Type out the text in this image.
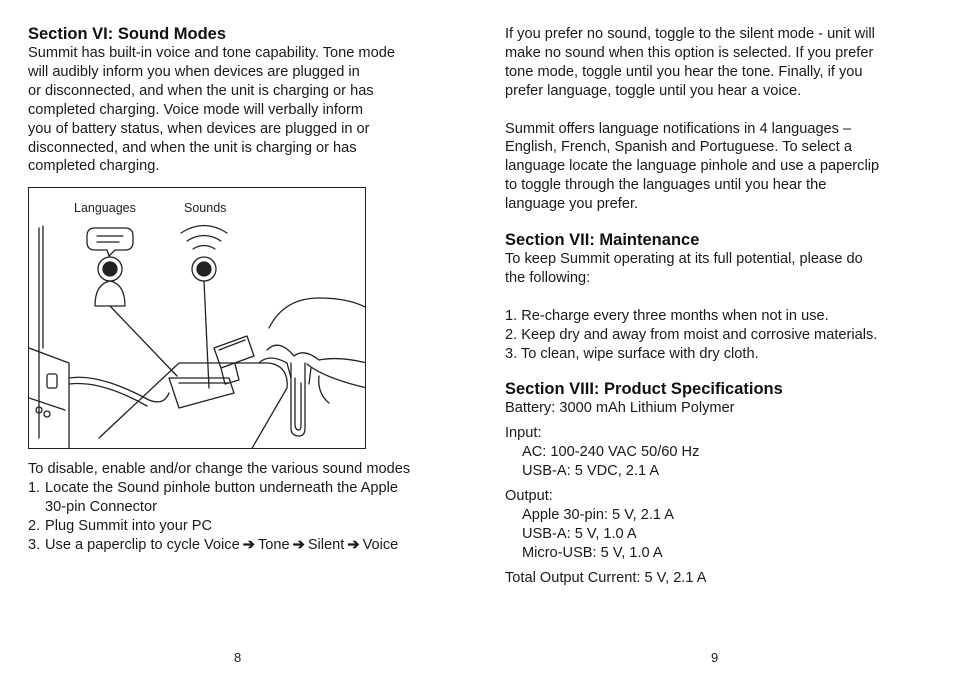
Section VI: Sound Modes

Summit has built-in voice and tone capability. Tone mode
will audibly inform you when devices are plugged in
or disconnected, and when the unit is charging or has
completed charging. Voice mode will verbally inform
you of battery status, when devices are plugged in or
disconnected, and when the unit is charging or has
completed charging.

Languages	Sounds

To disable, enable and/or change the various sound modes

1. Locate the Sound pinhole button underneath the Apple
30-pin Connector
2. Plug Summit into your PC
3. Use a paperclip to cycle Voice ➔ Tone ➔ Silent ➔ Voice
8

If you prefer no sound, toggle to the silent mode - unit will
make no sound when this option is selected. If you prefer
tone mode, toggle until you hear the tone. Finally, if you
prefer language, toggle until you hear a voice.

Summit offers language notifications in 4 languages –
English, French, Spanish and Portuguese. To select a
language locate the language pinhole and use a paperclip
to toggle through the languages until you hear the
language you prefer.

Section VII: Maintenance

To keep Summit operating at its full potential, please do
the following:

1. Re-charge every three months when not in use.
2. Keep dry and away from moist and corrosive materials.
3. To clean, wipe surface with dry cloth.

Section VIII: Product Specifications

Battery: 3000 mAh Lithium Polymer

Input:

AC: 100-240 VAC 50/60 Hz
USB-A: 5 VDC, 2.1 A

Output:

Apple 30-pin: 5 V, 2.1 A
USB-A: 5 V, 1.0 A
Micro-USB: 5 V, 1.0 A

Total Output Current: 5 V, 2.1 A

9
